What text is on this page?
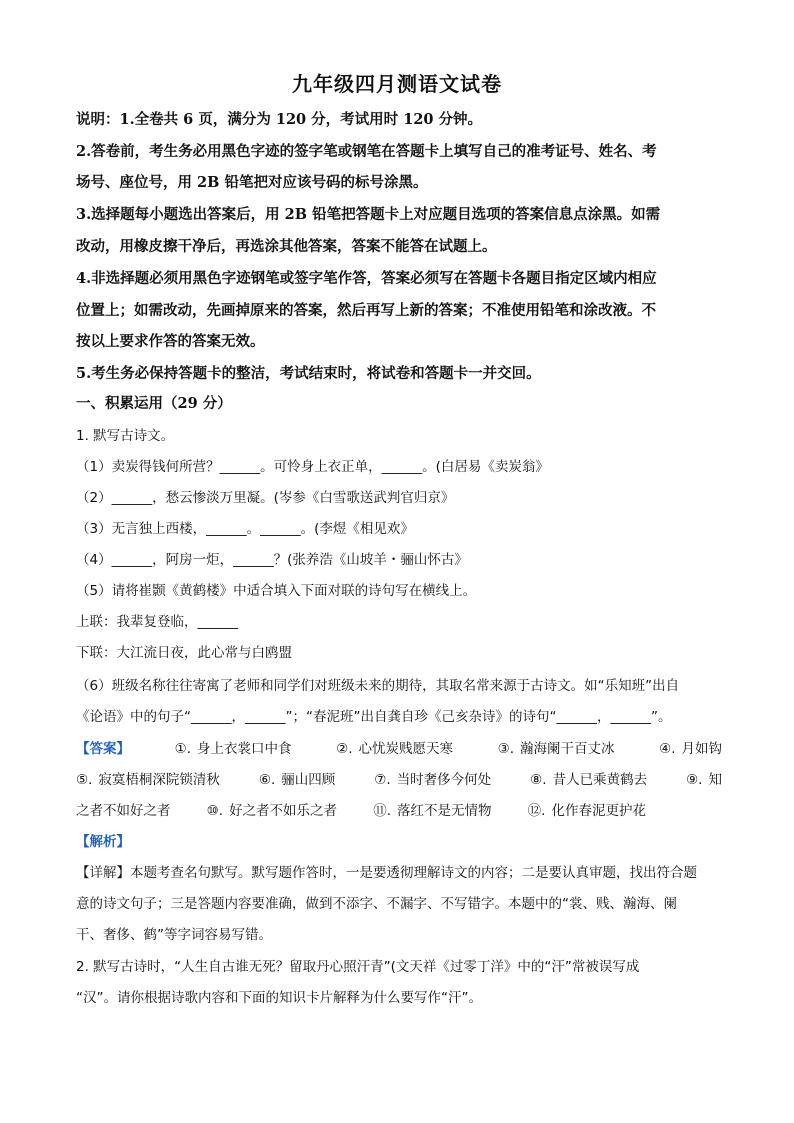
九年级四月测语文试卷
说明：1.全卷共 6 页，满分为 120 分，考试用时 120 分钟。
2.答卷前，考生务必用黑色字迹的签字笔或钢笔在答题卡上填写自己的准考证号、姓名、考
场号、座位号，用 2B 铅笔把对应该号码的标号涂黑。
3.选择题每小题选出答案后，用 2B 铅笔把答题卡上对应题目选项的答案信息点涂黑。如需
改动，用橡皮擦干净后，再选涂其他答案，答案不能答在试题上。
4.非选择题必须用黑色字迹钢笔或签字笔作答，答案必须写在答题卡各题目指定区域内相应
位置上；如需改动，先画掉原来的答案，然后再写上新的答案；不准使用铅笔和涂改液。不
按以上要求作答的答案无效。
5.考生务必保持答题卡的整洁，考试结束时，将试卷和答题卡一并交回。
一、积累运用（29 分）
1. 默写古诗文。
（1）卖炭得钱何所营？______。可怜身上衣正单，______。(白居易《卖炭翁》
（2）______，愁云惨淡万里凝。(岑参《白雪歌送武判官归京》
（3）无言独上西楼，______。______。(李煜《相见欢》
（4）______，阿房一炬，______？(张养浩《山坡羊・骊山怀古》
（5）请将崔颢《黄鹤楼》中适合填入下面对联的诗句写在横线上。
上联：我辈复登临，______
下联：大江流日夜，此心常与白鸥盟
（6）班级名称往往寄寓了老师和同学们对班级未来的期待，其取名常来源于古诗文。如“乐知班”出自
《论语》中的句子“______，______”；“春泥班”出自龚自珍《己亥杂诗》的诗句“______，______”。
【答案】	①. 身上衣裳口中食	②. 心忧炭贱愿天寒	③. 瀚海阑干百丈冰	④. 月如钩
⑤. 寂寞梧桐深院锁清秋	⑥. 骊山四顾	⑦. 当时奢侈今何处	⑧. 昔人已乘黄鹤去	⑨. 知
之者不如好之者	⑩. 好之者不如乐之者	⑪. 落红不是无情物	⑫. 化作春泥更护花
【解析】
【详解】本题考查名句默写。默写题作答时，一是要透彻理解诗文的内容；二是要认真审题，找出符合题
意的诗文句子；三是答题内容要准确，做到不添字、不漏字、不写错字。本题中的“裳、贱、瀚海、阑
干、奢侈、鹤”等字词容易写错。
2. 默写古诗时，“人生自古谁无死？留取丹心照汗青”(文天祥《过零丁洋》中的“汗”常被误写成
“汉”。请你根据诗歌内容和下面的知识卡片解释为什么要写作“汗”。
